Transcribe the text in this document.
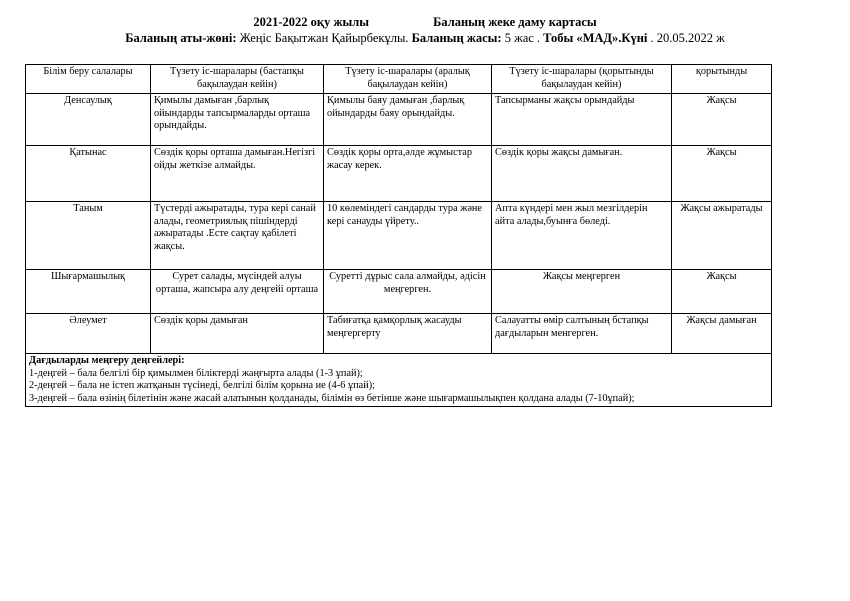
2021-2022 оқу жылы	Баланың жеке даму картасы
Баланың аты-жөні: Жеңіс Бақытжан Қайырбекұлы. Баланың жасы: 5 жас . Тобы «МАД».Күні . 20.05.2022 ж
Білім беру салалары	Түзету іс-шаралары (бастапқы бақылаудан кейін)	Түзету іс-шаралары (аралық бақылаудан кейін)	Түзету іс-шаралары (қорытынды бақылаудан кейін)	қорытынды
Денсаулық	Қимылы дамыған ,барлық ойындарды тапсырмаларды орташа орындайды.	Қимылы баяу дамыған ,барлық ойындарды баяу орындайды.	Тапсырманы жақсы орындайды	Жақсы
Қатынас	Сөздік қоры орташа дамыған.Негізгі ойды жеткізе алмайды.	Сөздік қоры орта,әлде жұмыстар жасау керек.	Сөздік қоры жақсы дамыған.	Жақсы
Таным	Түстерді ажыратады, тура кері санай алады, геометриялық пішіндерді ажыратады .Есте сақтау қабілеті жақсы.	10 көлеміндегі сандарды тура және кері санауды үйрету..	Апта күндері мен жыл мезгілдерін айта алады,буынға бөледі.	Жақсы ажыратады
Шығармашылық	Сурет салады, мүсіндей алуы орташа, жапсыра алу деңгейі орташа	Суретті дұрыс сала алмайды, әдісін меңгерген.	Жақсы меңгерген	Жақсы
Әлеумет	Сөздік қоры дамыған	Табиғатқа қамқорлық жасауды меңгергерту	Салауатты өмір салтының бстапқы дағдыларын менгерген.	Жақсы дамыған

Дағдыларды меңгеру деңгейлері:
1-деңгей – бала белгілі бір қимылмен біліктерді жаңғырта алады (1-3 ұпай);
2-деңгей – бала не істеп жатқанын түсінеді, белгілі білім қорына ие (4-6 ұпай);
3-деңгей – бала өзінің білетінін және жасай алатынын қолданады, білімін өз бетінше және шығармашылықпен қолдана алады (7-10ұпай);				
